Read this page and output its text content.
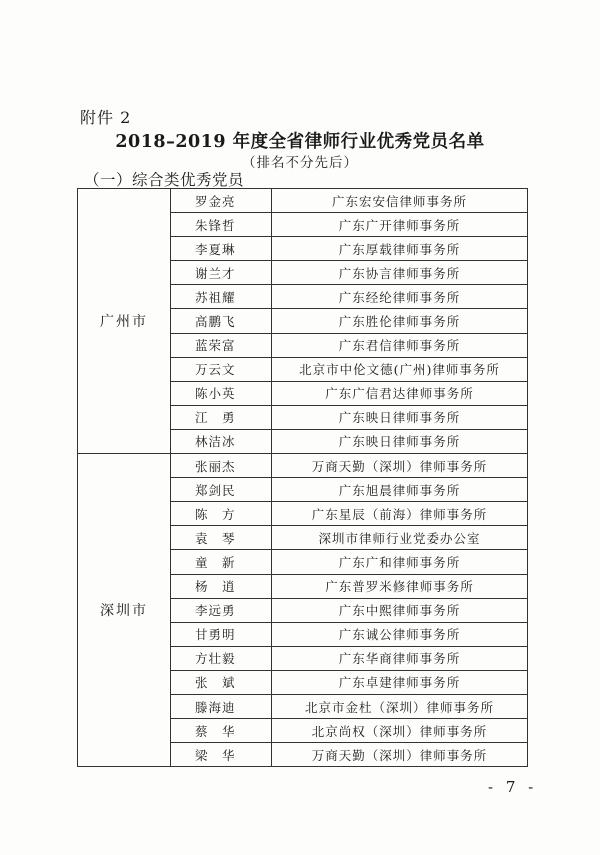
附件 2
2018–2019 年度全省律师行业优秀党员名单
（排名不分先后）
（一）综合类优秀党员
广州市	罗金亮	广东宏安信律师事务所
	朱锋哲	广东广开律师事务所
	李夏琳	广东厚载律师事务所
	谢兰才	广东协言律师事务所
	苏祖耀	广东经纶律师事务所
	高鹏飞	广东胜伦律师事务所
	蓝荣富	广东君信律师事务所
	万云文	北京市中伦文德(广州)律师事务所
	陈小英	广东广信君达律师事务所
	江　勇	广东映日律师事务所
	林洁冰	广东映日律师事务所
深圳市	张丽杰	万商天勤（深圳）律师事务所
	郑剑民	广东旭晨律师事务所
	陈　方	广东星辰（前海）律师事务所
	袁　琴	深圳市律师行业党委办公室
	童　新	广东广和律师事务所
	杨　逍	广东普罗米修律师事务所
	李远勇	广东中熙律师事务所
	甘勇明	广东诚公律师事务所
	方壮毅	广东华商律师事务所
	张　斌	广东卓建律师事务所
	滕海迪	北京市金杜（深圳）律师事务所
	蔡　华	北京尚权（深圳）律师事务所
	梁　华	万商天勤（深圳）律师事务所
- 7 -
